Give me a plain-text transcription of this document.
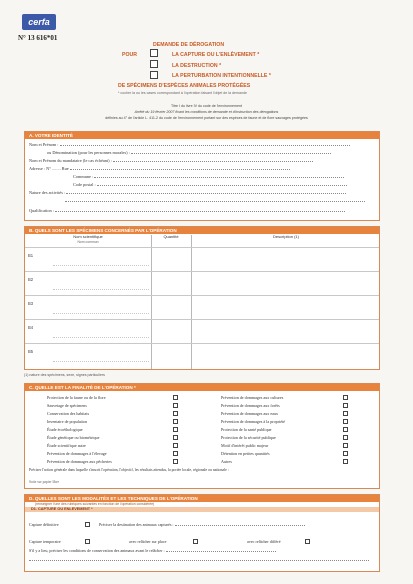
cerfa
N° 13 616*01
DEMANDE DE DÉROGATION
POUR	LA CAPTURE OU L'ENLÈVEMENT *
LA DESTRUCTION *
LA PERTURBATION INTENTIONNELLE *
DE SPÉCIMENS D'ESPÈCES ANIMALES PROTÉGÉES
* cocher la ou les cases correspondant à l'opération faisant l'objet de la demande
Titre I du livre IV du code de l'environnement
Arrêté du 19 février 2007 fixant les conditions de demande et d'instruction des dérogations
définies au 4° de l'article L. 411-2 du code de l'environnement portant sur des espèces de faune et de flore sauvages protégées
A. VOTRE IDENTITÉ
Nom et Prénom :
ou Dénomination (pour les personnes morales) :
Nom et Prénom du mandataire (le cas échéant) :
Adresse : N° ........ Rue
Commune :
Code postal :
Nature des activités :
Qualification :
B. QUELS SONT LES SPÉCIMENS CONCERNÉS PAR L'OPÉRATION
Nom scientifique
Nom commun
Quantité	Description (1)
B1
B2
B3
B4
B5
(1) nature des spécimens, sexe, signes particuliers
C. QUELLE EST LA FINALITÉ DE L'OPÉRATION *
Protection de la faune ou de la flore
Sauvetage de spécimens
Conservation des habitats
Inventaire de population
Étude écoéthologique
Étude génétique ou biométrique
Étude scientifique autre
Prévention de dommages à l'élevage
Prévention de dommages aux pêcheries
Prévention de dommages aux cultures
Prévention de dommages aux forêts
Prévention de dommages aux eaux
Prévention de dommages à la propriété
Protection de la santé publique
Protection de la sécurité publique
Motif d'intérêt public majeur
Détention en petites quantités
Autres
Préciser l'action générale dans laquelle s'inscrit l'opération, l'objectif, les résultats attendus, la portée locale, régionale ou nationale :
Suite sur papier libre
D. QUELLES SONT LES MODALITÉS ET LES TECHNIQUES DE L'OPÉRATION
(renseigner l'une des rubriques suivantes en fonction de l'opération considérée)
D1. CAPTURE OU ENLÈVEMENT *
Capture définitive	Préciser la destination des animaux capturés :
Capture temporaire	avec relâcher sur place	avec relâcher différé
S'il y a lieu, préciser les conditions de conservation des animaux avant le relâcher :
